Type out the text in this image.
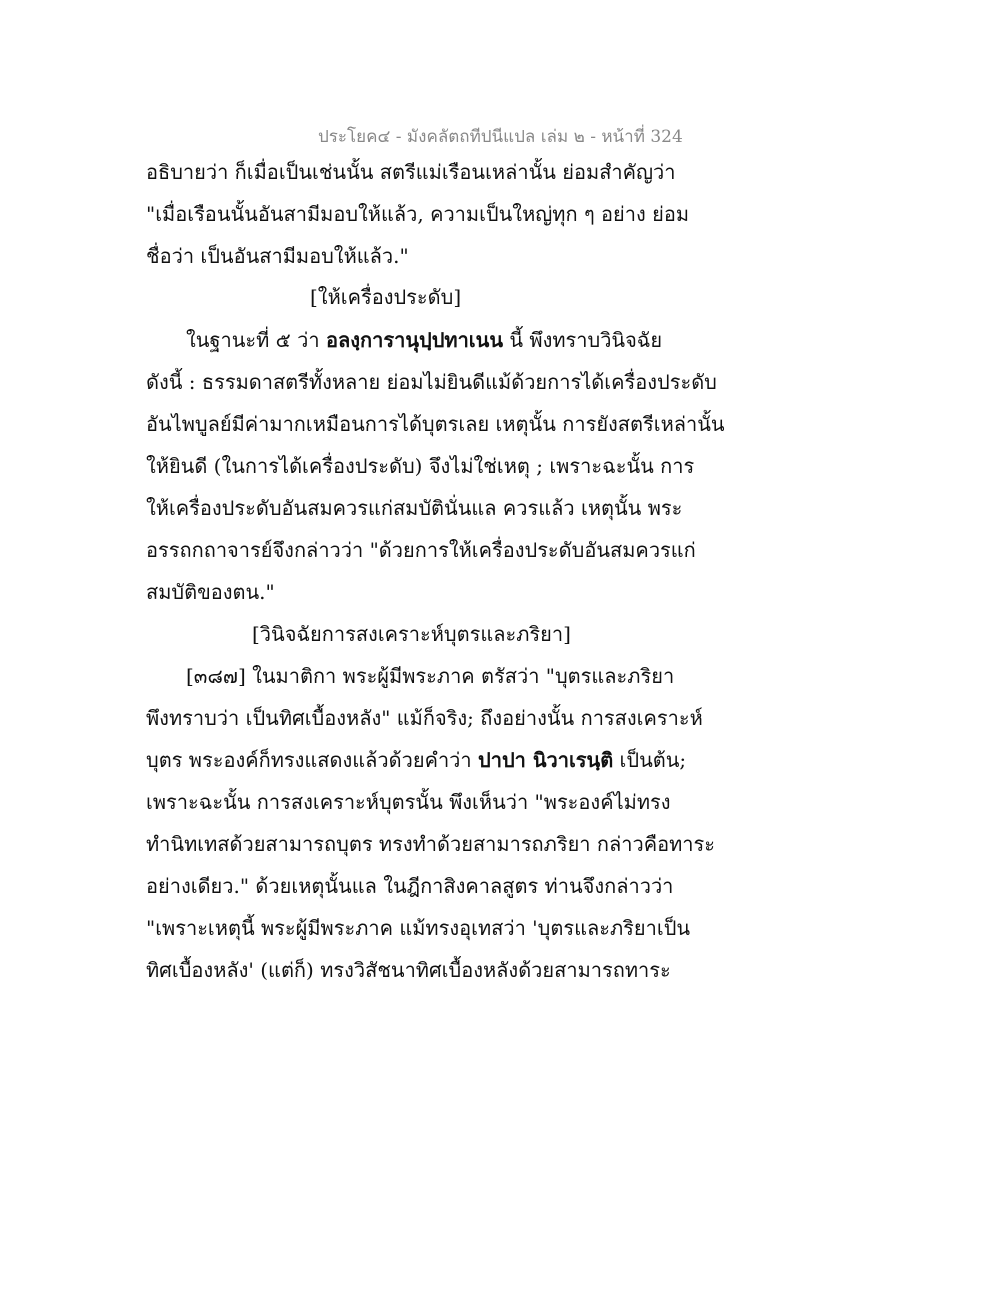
ประโยค๔ - มังคลัตถทีปนีแปล เล่ม ๒ - หน้าที่ 324
อธิบายว่า ก็เมื่อเป็นเช่นนั้น สตรีแม่เรือนเหล่านั้น ย่อมสำคัญว่า
"เมื่อเรือนนั้นอันสามีมอบให้แล้ว, ความเป็นใหญ่ทุก ๆ อย่าง ย่อม
ชื่อว่า เป็นอันสามีมอบให้แล้ว."
[ให้เครื่องประดับ]
ในฐานะที่ ๕ ว่า อลงฺการานุปฺปทาเนน นี้ พึงทราบวินิจฉัย
ดังนี้ : ธรรมดาสตรีทั้งหลาย ย่อมไม่ยินดีแม้ด้วยการได้เครื่องประดับ
อันไพบูลย์มีค่ามากเหมือนการได้บุตรเลย เหตุนั้น การยังสตรีเหล่านั้น
ให้ยินดี (ในการได้เครื่องประดับ) จึงไม่ใช่เหตุ ; เพราะฉะนั้น การ
ให้เครื่องประดับอันสมควรแก่สมบัตินั่นแล ควรแล้ว เหตุนั้น พระ
อรรถกถาจารย์จึงกล่าวว่า "ด้วยการให้เครื่องประดับอันสมควรแก่
สมบัติของตน."
[วินิจฉัยการสงเคราะห์บุตรและภริยา]
[๓๘๗] ในมาติกา พระผู้มีพระภาค ตรัสว่า "บุตรและภริยา
พึงทราบว่า เป็นทิศเบื้องหลัง" แม้ก็จริง; ถึงอย่างนั้น การสงเคราะห์
บุตร พระองค์ก็ทรงแสดงแล้วด้วยคำว่า ปาปา นิวาเรนฺติ เป็นต้น;
เพราะฉะนั้น การสงเคราะห์บุตรนั้น พึงเห็นว่า "พระองค์ไม่ทรง
ทำนิทเทสด้วยสามารถบุตร ทรงทำด้วยสามารถภริยา กล่าวคือทาระ
อย่างเดียว." ด้วยเหตุนั้นแล ในฎีกาสิงคาลสูตร ท่านจึงกล่าวว่า
"เพราะเหตุนี้ พระผู้มีพระภาค แม้ทรงอุเทสว่า 'บุตรและภริยาเป็น
ทิศเบื้องหลัง' (แต่ก็) ทรงวิสัชนาทิศเบื้องหลังด้วยสามารถทาระ
